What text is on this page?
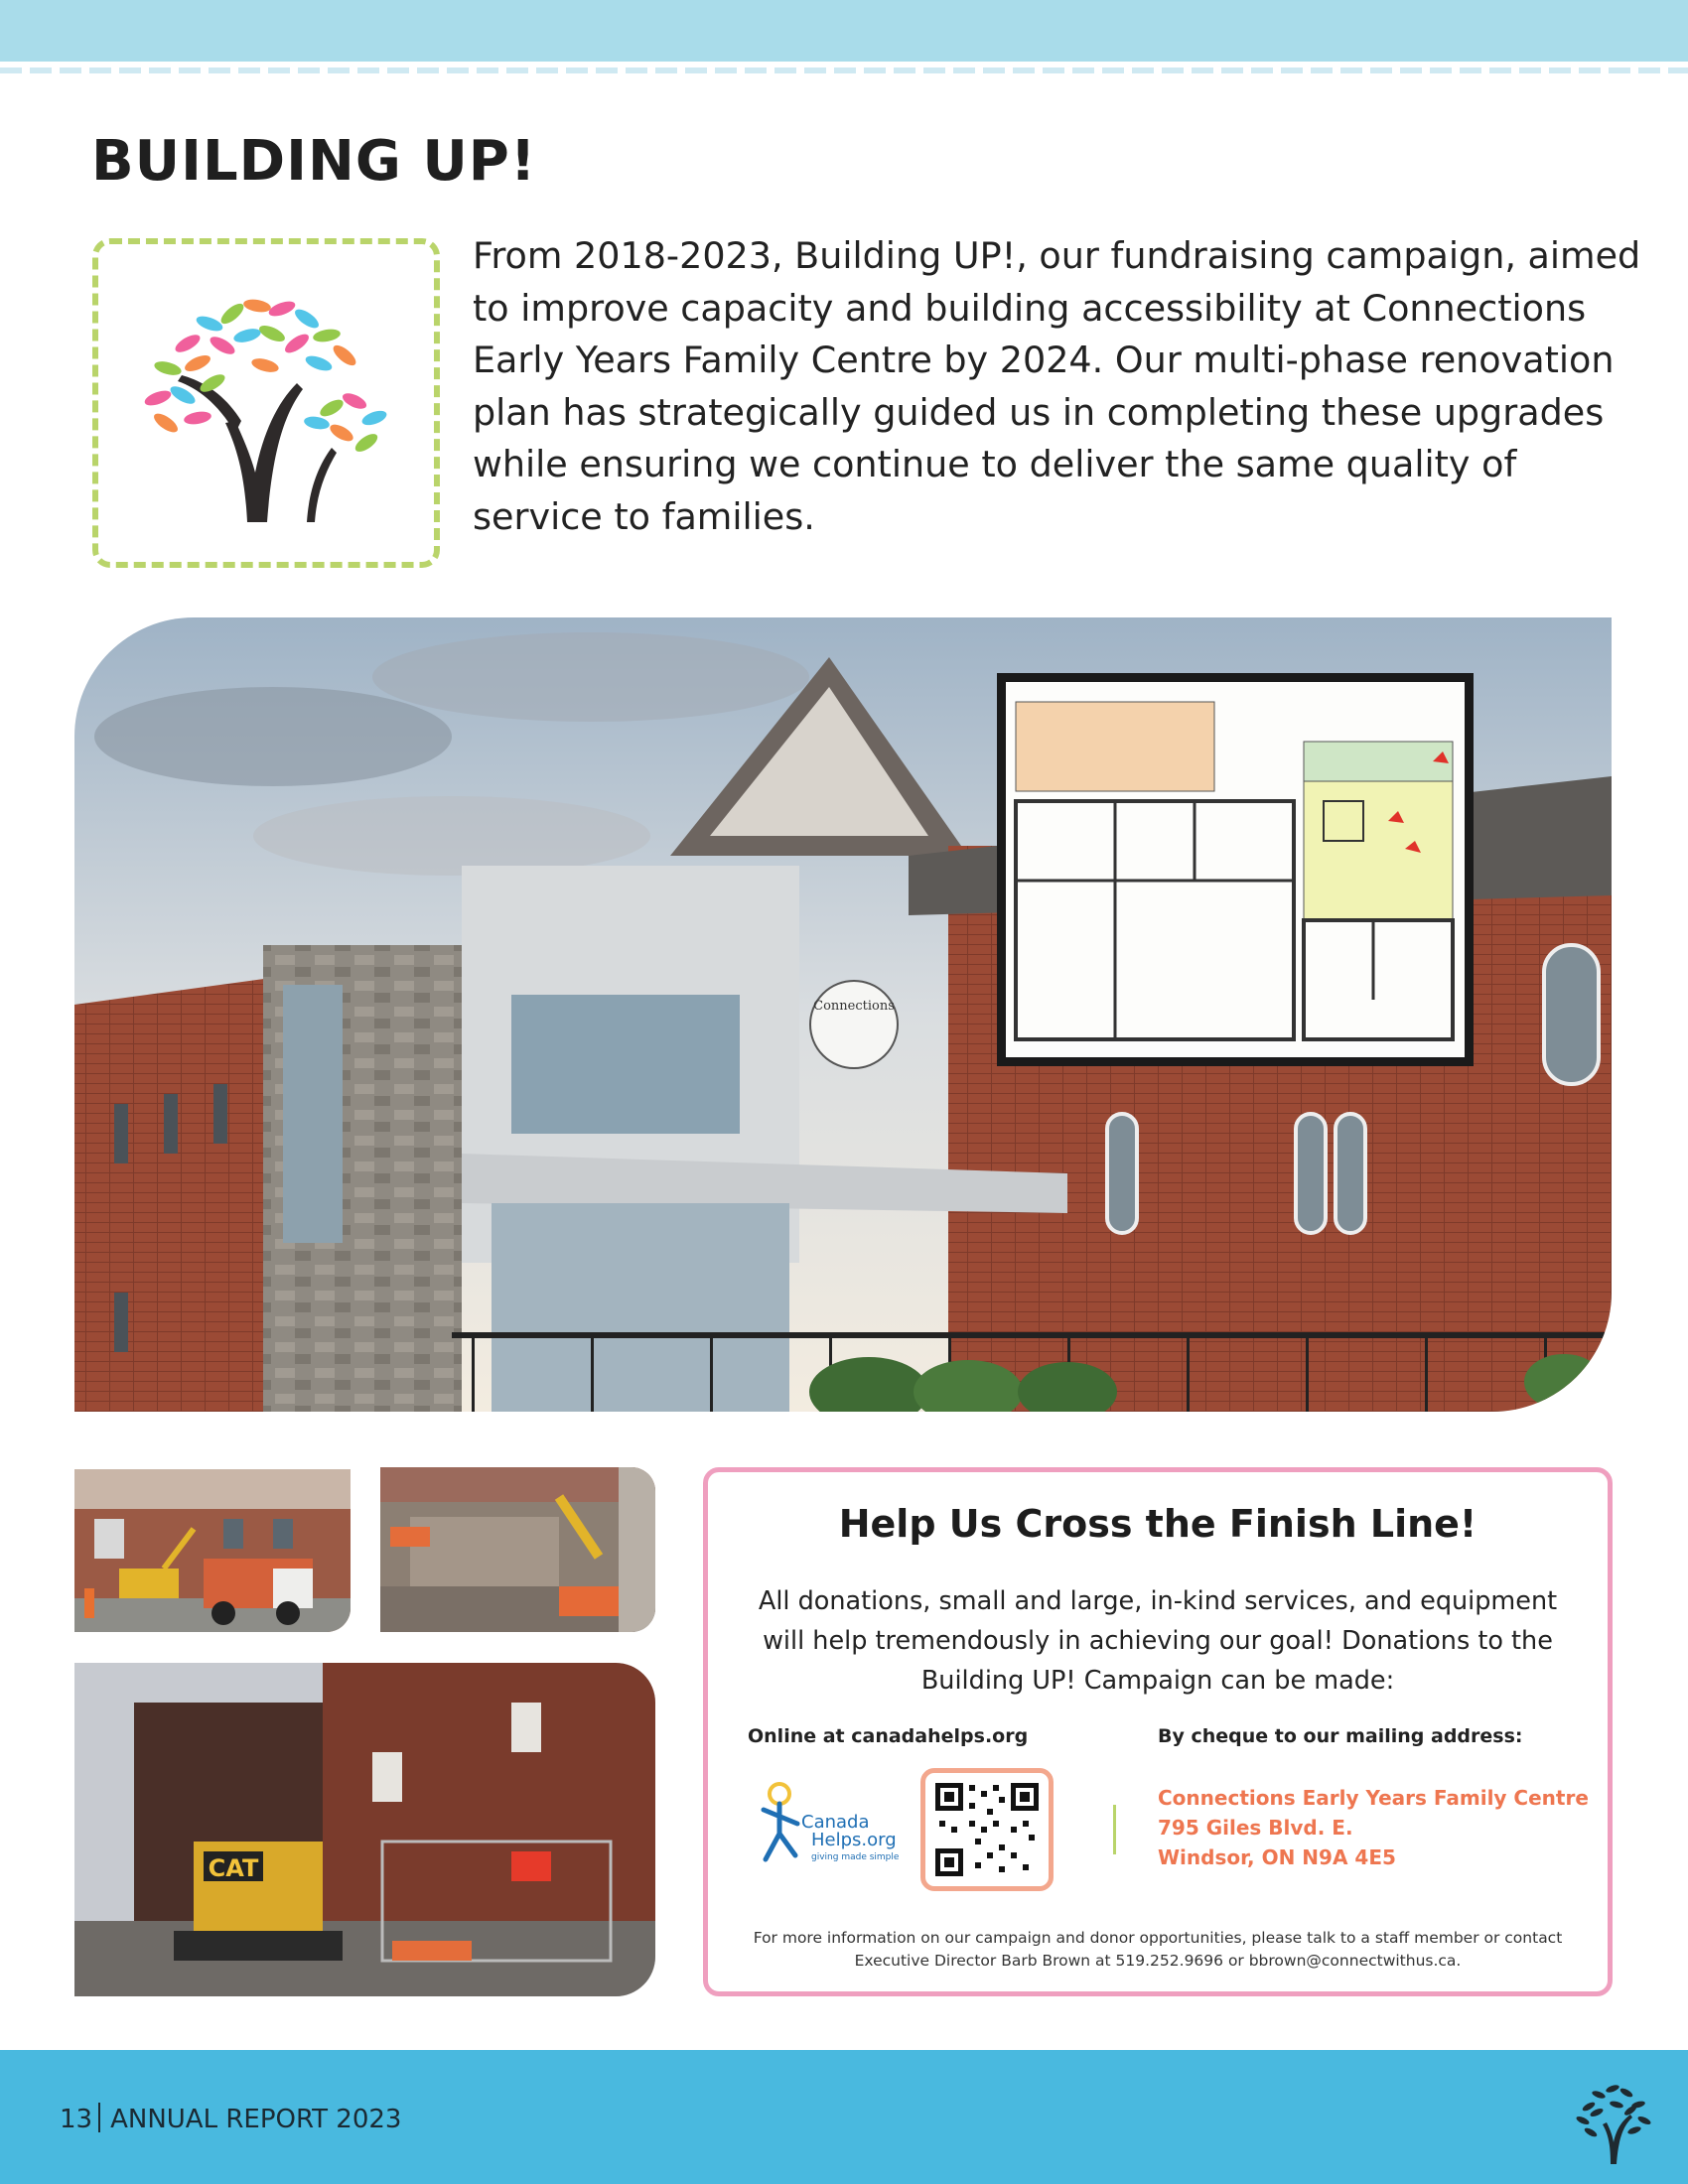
BUILDING UP!

From 2018-2023, Building UP!, our fundraising campaign, aimed to improve capacity and building accessibility at Connections Early Years Family Centre by 2024. Our multi-phase renovation plan has strategically guided us in completing these upgrades while ensuring we continue to deliver the same quality of service to families.

Connections
CAT
Help Us Cross the Finish Line!

All donations, small and large, in-kind services, and equipment will help tremendously in achieving our goal! Donations to the Building UP! Campaign can be made:

Online at canadahelps.org	By cheque to our mailing address:
Canada
Helps.org
giving made simple
Connections Early Years Family Centre
795 Giles Blvd. E.
Windsor, ON N9A 4E5

For more information on our campaign and donor opportunities, please talk to a staff member or contact Executive Director Barb Brown at 519.252.9696 or bbrown@connectwithus.ca.

13 ANNUAL REPORT 2023
